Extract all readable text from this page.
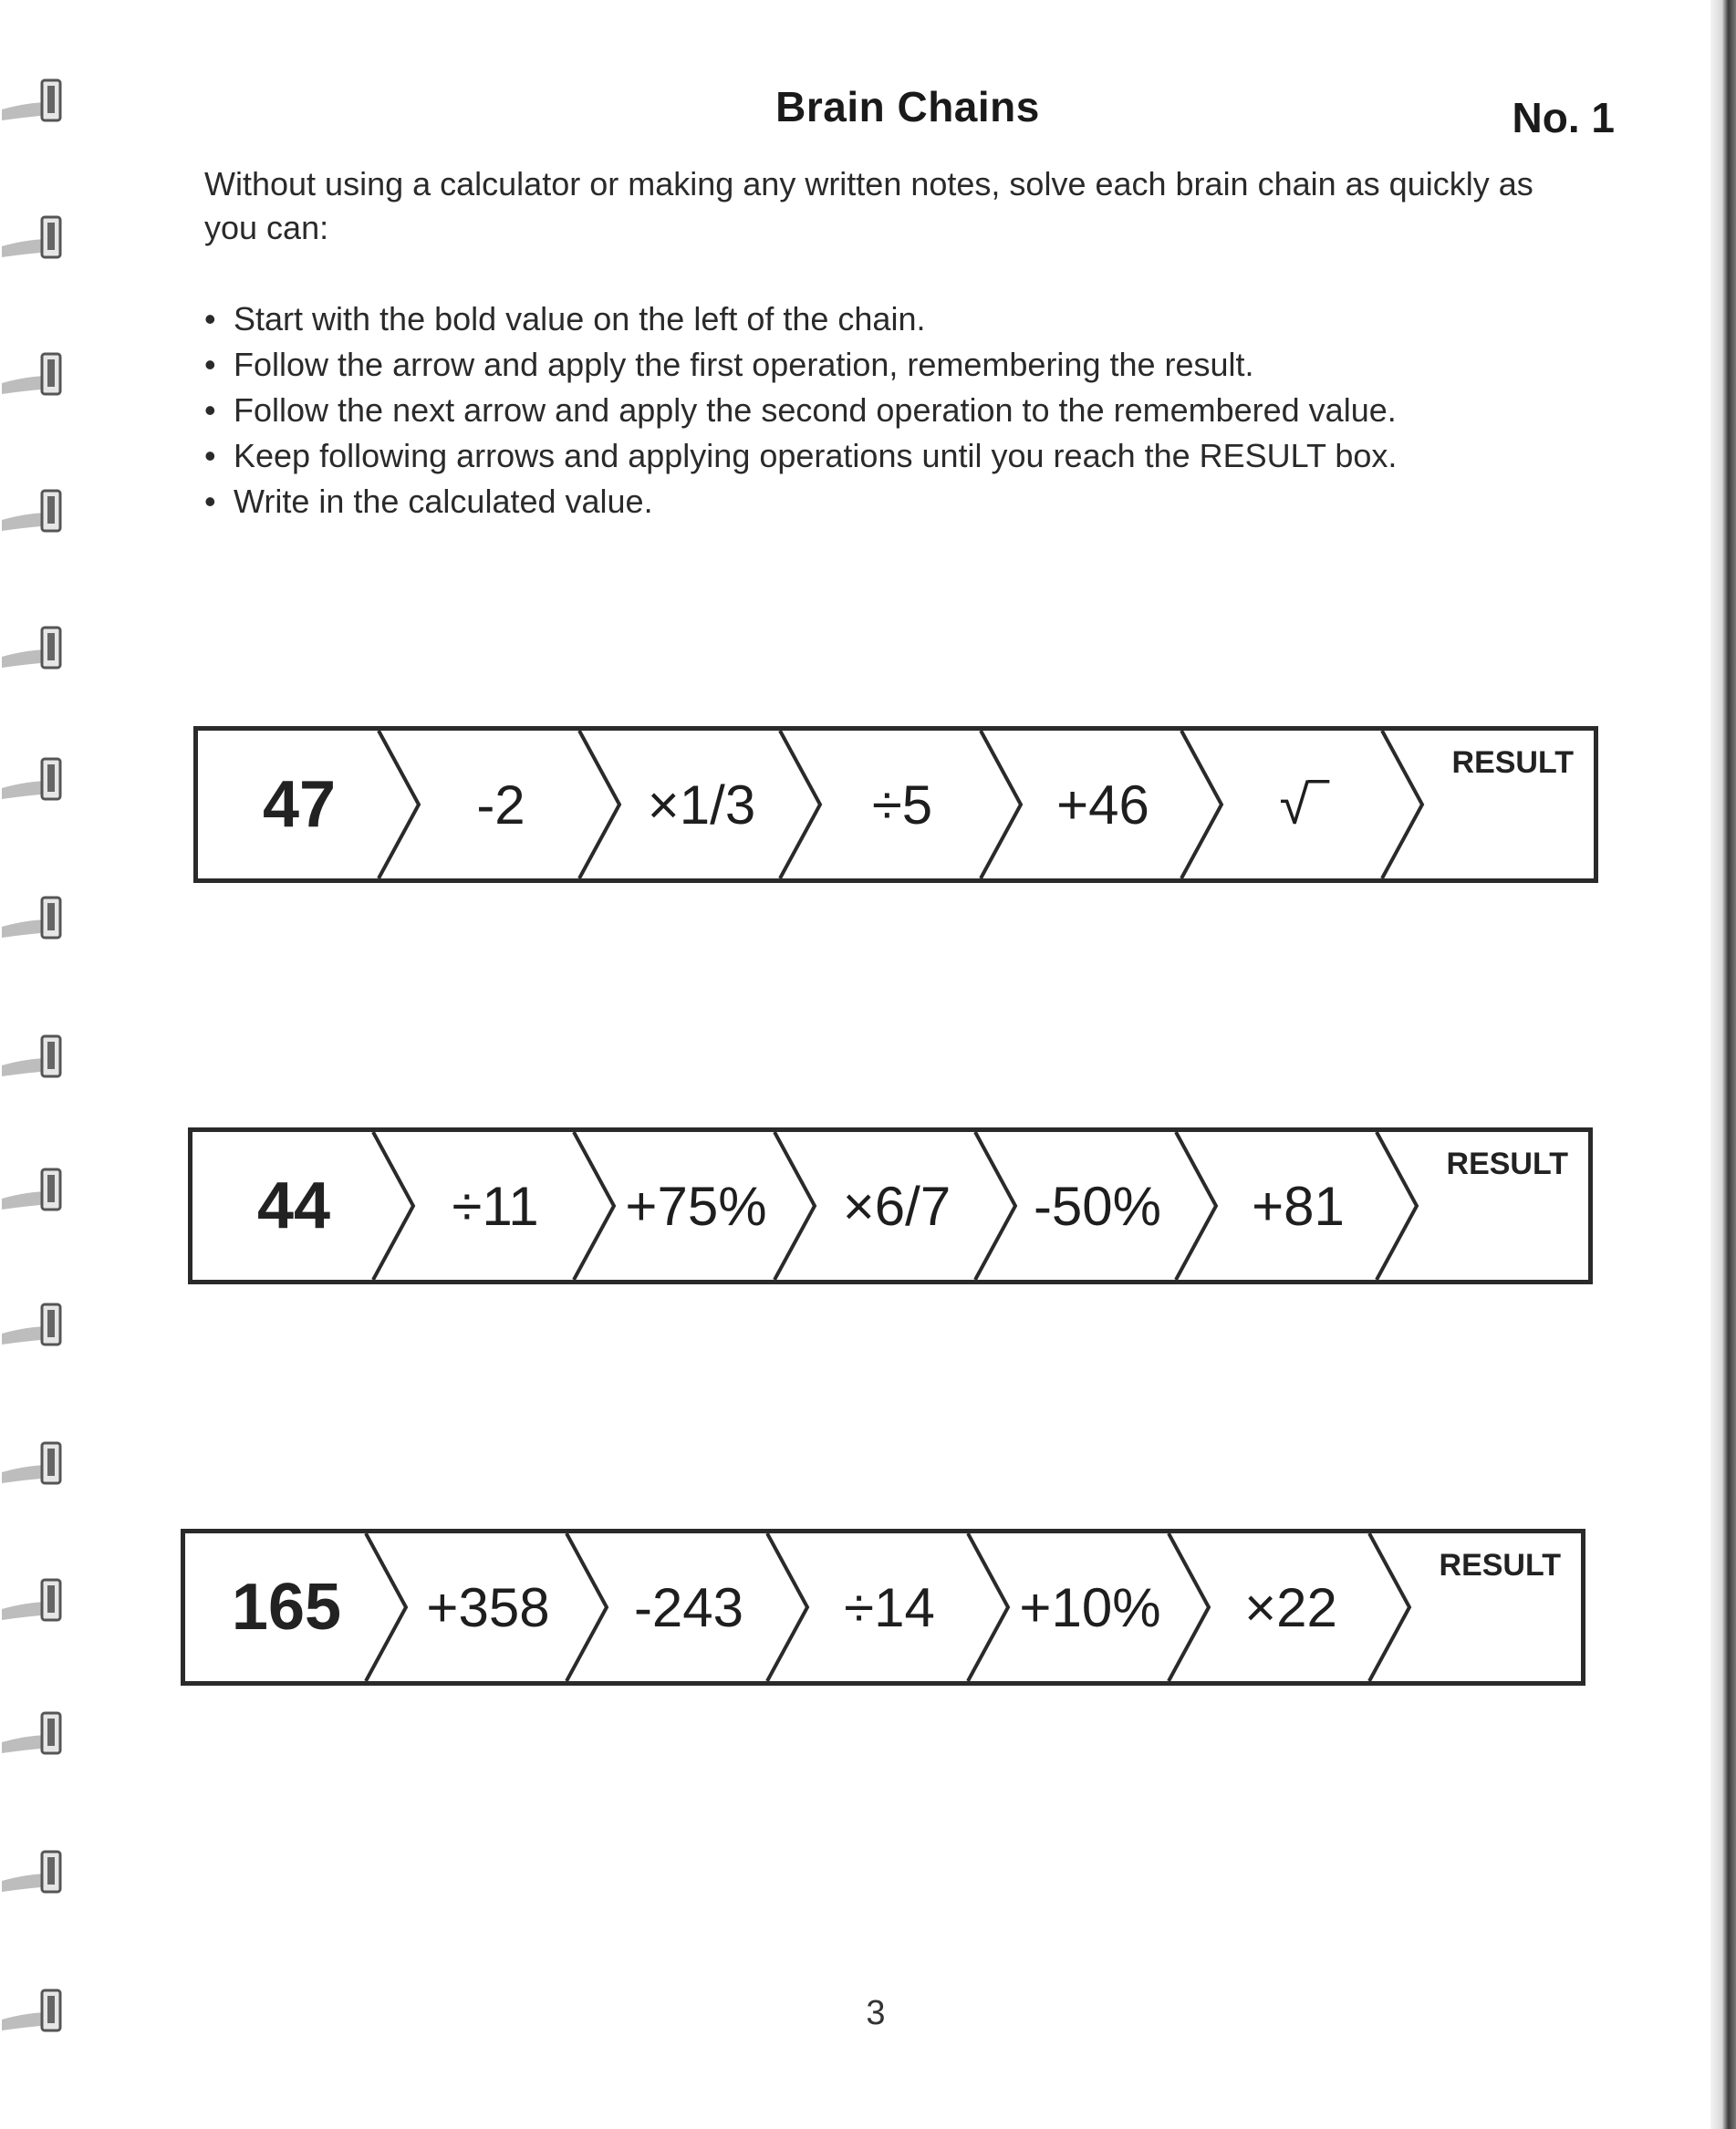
Brain Chains	No. 1
Without using a calculator or making any written notes, solve each brain chain as quickly as you can:
• Start with the bold value on the left of the chain.
• Follow the arrow and apply the first operation, remembering the result.
• Follow the next arrow and apply the second operation to the remembered value.
• Keep following arrows and applying operations until you reach the RESULT box.
• Write in the calculated value.
47	-2	×1/3	÷5	+46	√‾
RESULT
44	÷11	+75%	×6/7	-50%	+81
RESULT
165	+358	-243	÷14	+10%	×22
RESULT
3
